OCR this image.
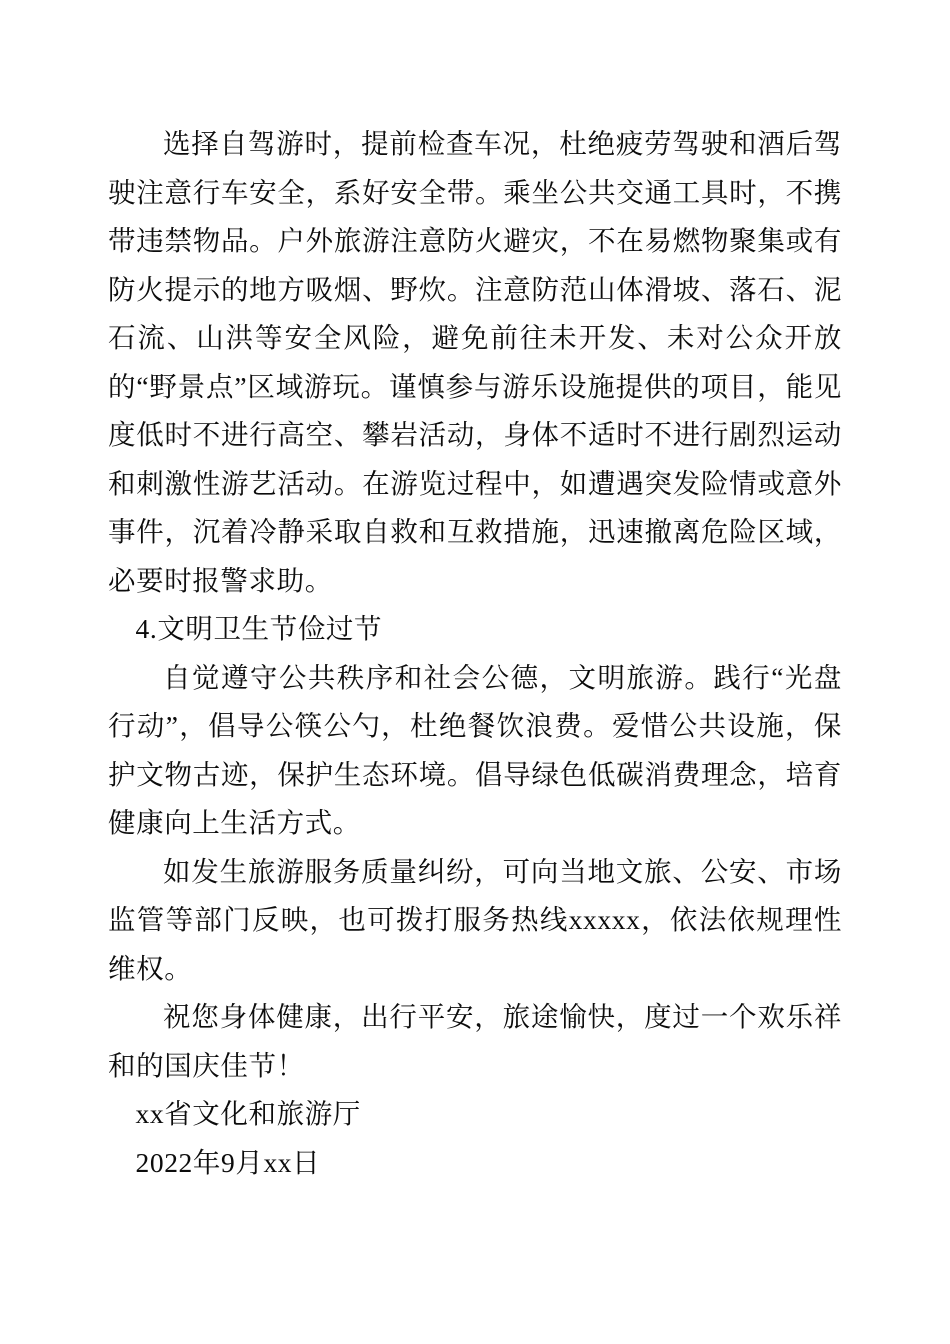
选择自驾游时，提前检查车况，杜绝疲劳驾驶和酒后驾驶注意行车安全，系好安全带。乘坐公共交通工具时，不携带违禁物品。户外旅游注意防火避灾，不在易燃物聚集或有防火提示的地方吸烟、野炊。注意防范山体滑坡、落石、泥石流、山洪等安全风险，避免前往未开发、未对公众开放的“野景点”区域游玩。谨慎参与游乐设施提供的项目，能见度低时不进行高空、攀岩活动，身体不适时不进行剧烈运动和刺激性游艺活动。在游览过程中，如遭遇突发险情或意外事件，沉着冷静采取自救和互救措施，迅速撤离危险区域，必要时报警求助。

4.文明卫生节俭过节

自觉遵守公共秩序和社会公德，文明旅游。践行“光盘行动”，倡导公筷公勺，杜绝餐饮浪费。爱惜公共设施，保护文物古迹，保护生态环境。倡导绿色低碳消费理念，培育健康向上生活方式。

如发生旅游服务质量纠纷，可向当地文旅、公安、市场监管等部门反映，也可拨打服务热线xxxxx，依法依规理性维权。

祝您身体健康，出行平安，旅途愉快，度过一个欢乐祥和的国庆佳节！

xx省文化和旅游厅

2022年9月xx日
